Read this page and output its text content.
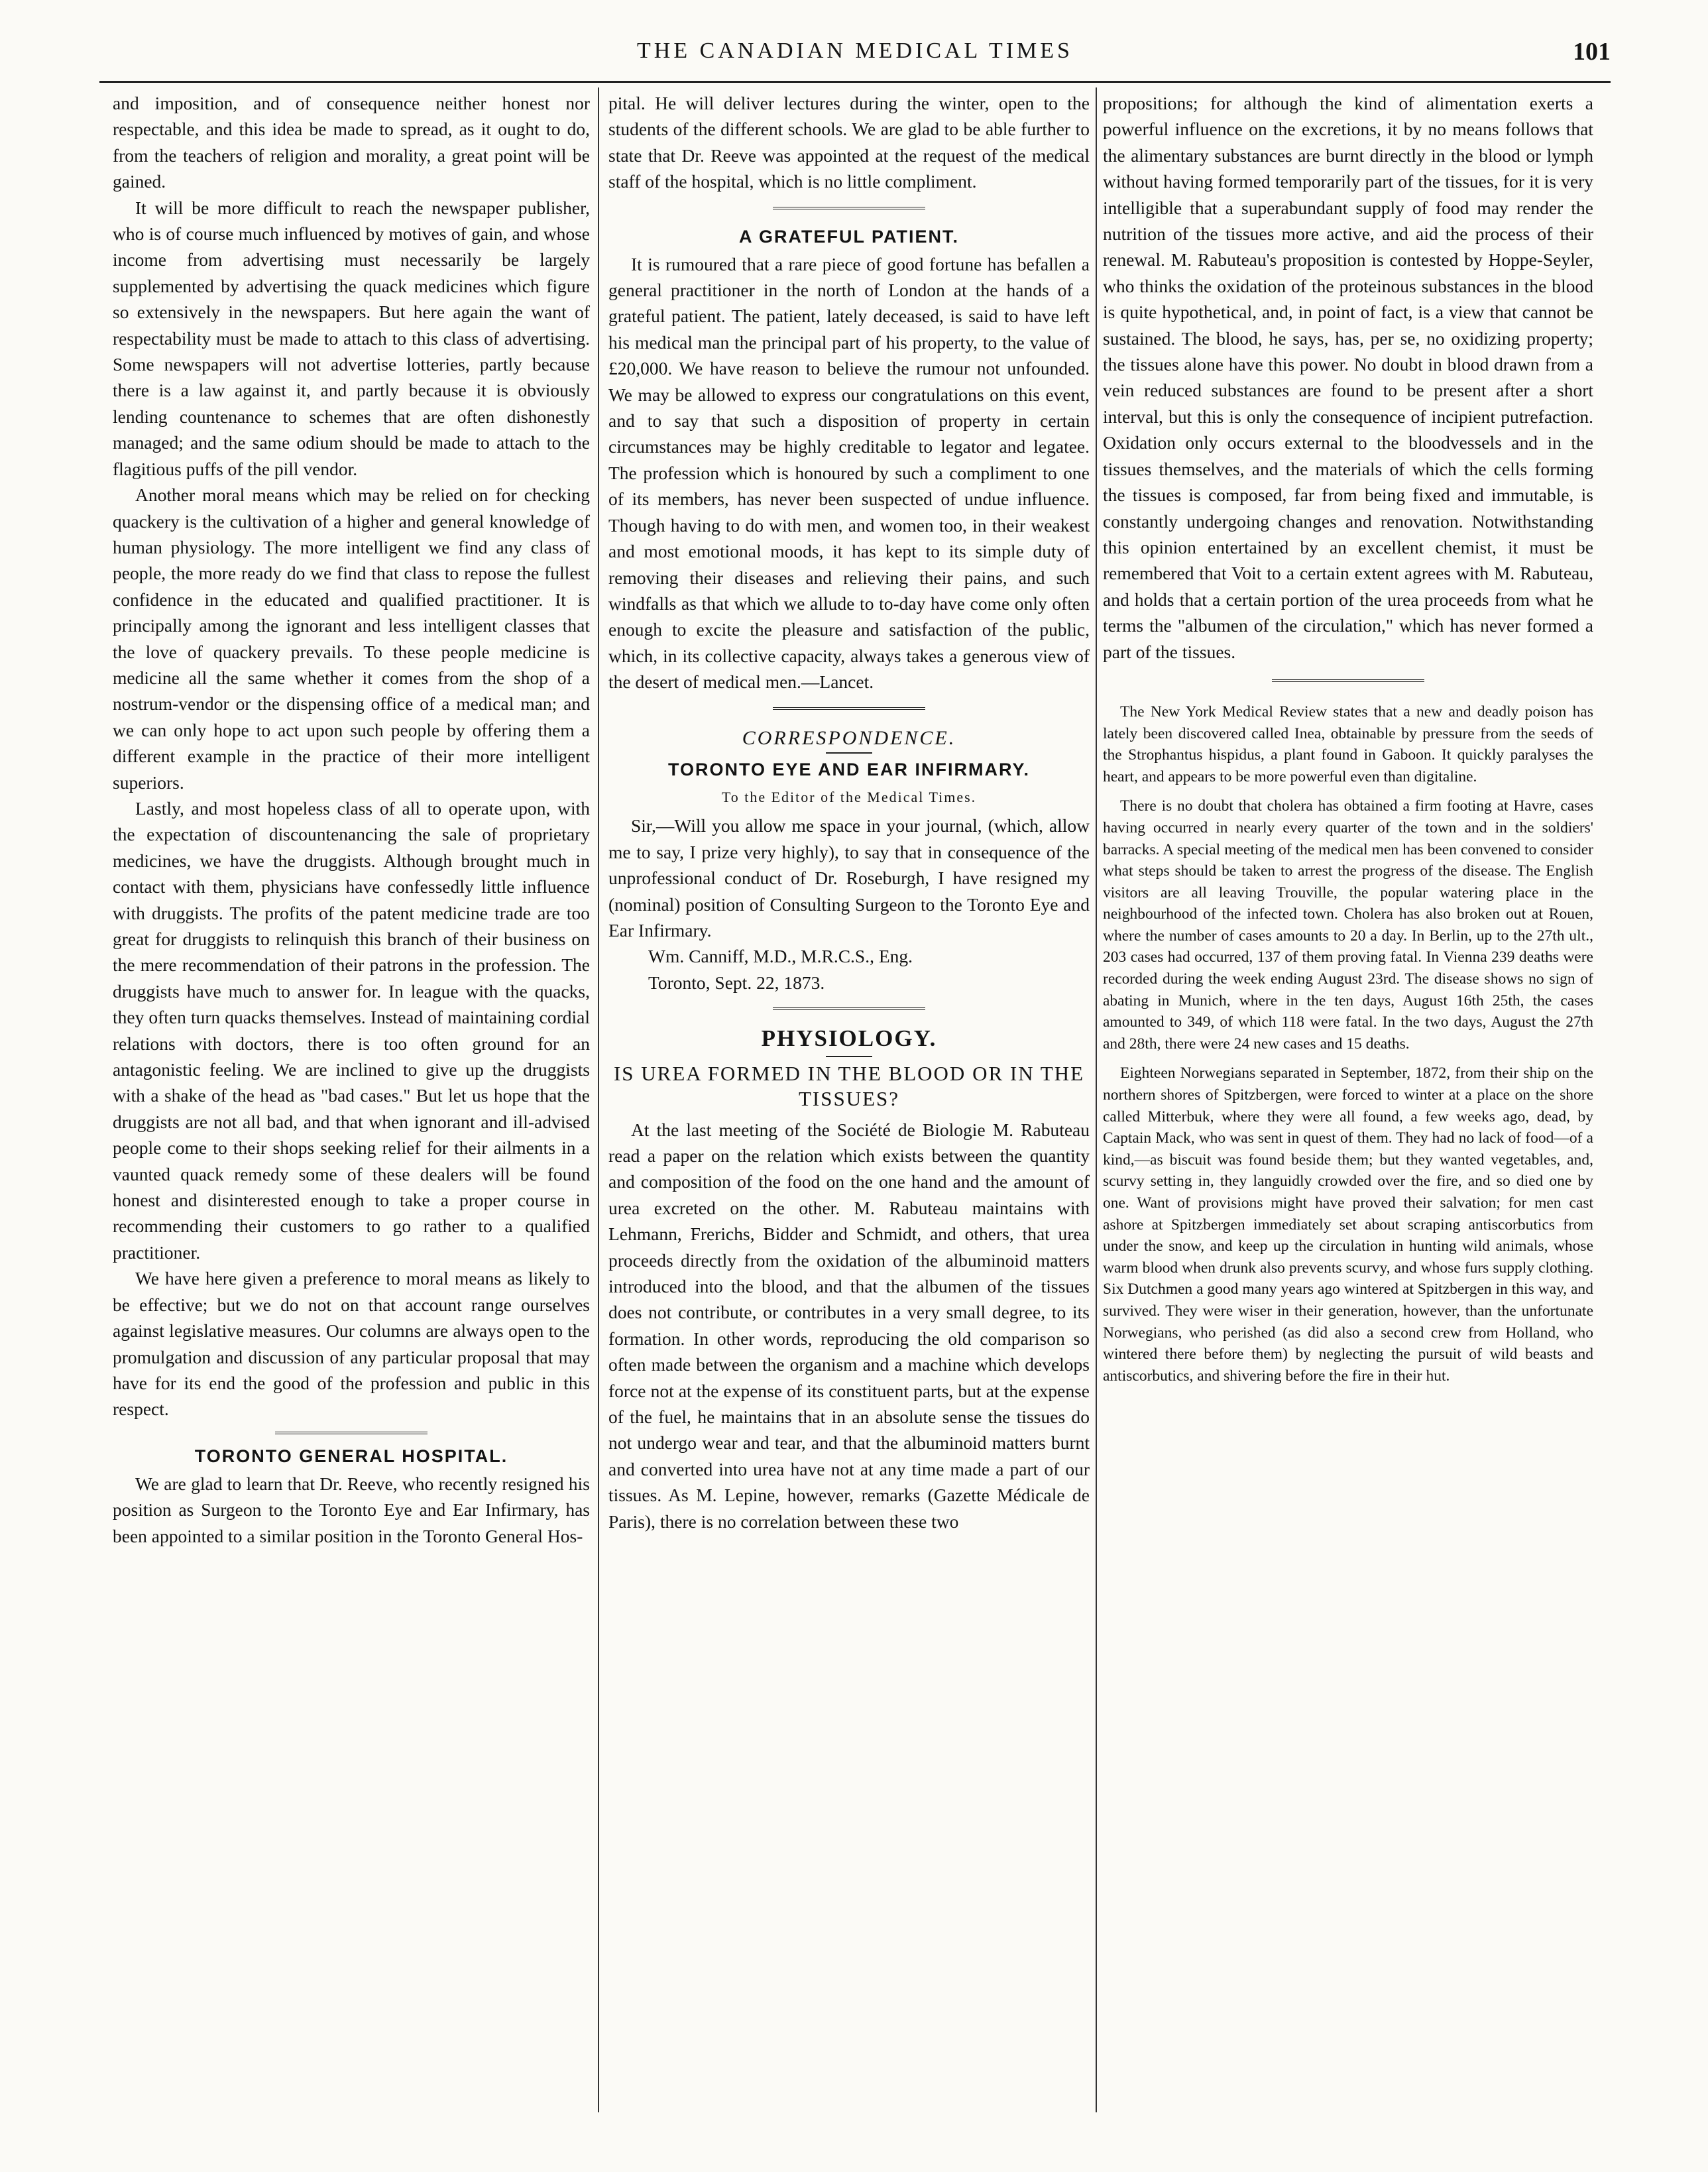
THE CANADIAN MEDICAL TIMES	101

and imposition, and of consequence neither honest nor respectable, and this idea be made to spread, as it ought to do, from the teachers of religion and morality, a great point will be gained.

It will be more difficult to reach the newspaper publisher, who is of course much influenced by motives of gain, and whose income from advertising must necessarily be largely supplemented by advertising the quack medicines which figure so extensively in the newspapers. But here again the want of respectability must be made to attach to this class of advertising. Some newspapers will not advertise lotteries, partly because there is a law against it, and partly because it is obviously lending countenance to schemes that are often dishonestly managed; and the same odium should be made to attach to the flagitious puffs of the pill vendor.

Another moral means which may be relied on for checking quackery is the cultivation of a higher and general knowledge of human physiology. The more intelligent we find any class of people, the more ready do we find that class to repose the fullest confidence in the educated and qualified practitioner. It is principally among the ignorant and less intelligent classes that the love of quackery prevails. To these people medicine is medicine all the same whether it comes from the shop of a nostrum-vendor or the dispensing office of a medical man; and we can only hope to act upon such people by offering them a different example in the practice of their more intelligent superiors.

Lastly, and most hopeless class of all to operate upon, with the expectation of discountenancing the sale of proprietary medicines, we have the druggists. Although brought much in contact with them, physicians have confessedly little influence with druggists. The profits of the patent medicine trade are too great for druggists to relinquish this branch of their business on the mere recommendation of their patrons in the profession. The druggists have much to answer for. In league with the quacks, they often turn quacks themselves. Instead of maintaining cordial relations with doctors, there is too often ground for an antagonistic feeling. We are inclined to give up the druggists with a shake of the head as "bad cases." But let us hope that the druggists are not all bad, and that when ignorant and ill-advised people come to their shops seeking relief for their ailments in a vaunted quack remedy some of these dealers will be found honest and disinterested enough to take a proper course in recommending their customers to go rather to a qualified practitioner.

We have here given a preference to moral means as likely to be effective; but we do not on that account range ourselves against legislative measures. Our columns are always open to the promulgation and discussion of any particular proposal that may have for its end the good of the profession and public in this respect.

TORONTO GENERAL HOSPITAL.

We are glad to learn that Dr. Reeve, who recently resigned his position as Surgeon to the Toronto Eye and Ear Infirmary, has been appointed to a similar position in the Toronto General Hos-

pital. He will deliver lectures during the winter, open to the students of the different schools. We are glad to be able further to state that Dr. Reeve was appointed at the request of the medical staff of the hospital, which is no little compliment.

A GRATEFUL PATIENT.

It is rumoured that a rare piece of good fortune has befallen a general practitioner in the north of London at the hands of a grateful patient. The patient, lately deceased, is said to have left his medical man the principal part of his property, to the value of £20,000. We have reason to believe the rumour not unfounded. We may be allowed to express our congratulations on this event, and to say that such a disposition of property in certain circumstances may be highly creditable to legator and legatee. The profession which is honoured by such a compliment to one of its members, has never been suspected of undue influence. Though having to do with men, and women too, in their weakest and most emotional moods, it has kept to its simple duty of removing their diseases and relieving their pains, and such windfalls as that which we allude to to-day have come only often enough to excite the pleasure and satisfaction of the public, which, in its collective capacity, always takes a generous view of the desert of medical men.—Lancet.

CORRESPONDENCE.
TORONTO EYE AND EAR INFIRMARY.
To the Editor of the Medical Times.

Sir,—Will you allow me space in your journal, (which, allow me to say, I prize very highly), to say that in consequence of the unprofessional conduct of Dr. Roseburgh, I have resigned my (nominal) position of Consulting Surgeon to the Toronto Eye and Ear Infirmary.

Wm. Canniff, M.D., M.R.C.S., Eng.

Toronto, Sept. 22, 1873.

PHYSIOLOGY.
IS UREA FORMED IN THE BLOOD OR IN THE TISSUES?

At the last meeting of the Société de Biologie M. Rabuteau read a paper on the relation which exists between the quantity and composition of the food on the one hand and the amount of urea excreted on the other. M. Rabuteau maintains with Lehmann, Frerichs, Bidder and Schmidt, and others, that urea proceeds directly from the oxidation of the albuminoid matters introduced into the blood, and that the albumen of the tissues does not contribute, or contributes in a very small degree, to its formation. In other words, reproducing the old comparison so often made between the organism and a machine which develops force not at the expense of its constituent parts, but at the expense of the fuel, he maintains that in an absolute sense the tissues do not undergo wear and tear, and that the albuminoid matters burnt and converted into urea have not at any time made a part of our tissues. As M. Lepine, however, remarks (Gazette Médicale de Paris), there is no correlation between these two

propositions; for although the kind of alimentation exerts a powerful influence on the excretions, it by no means follows that the alimentary substances are burnt directly in the blood or lymph without having formed temporarily part of the tissues, for it is very intelligible that a superabundant supply of food may render the nutrition of the tissues more active, and aid the process of their renewal. M. Rabuteau's proposition is contested by Hoppe-Seyler, who thinks the oxidation of the proteinous substances in the blood is quite hypothetical, and, in point of fact, is a view that cannot be sustained. The blood, he says, has, per se, no oxidizing property; the tissues alone have this power. No doubt in blood drawn from a vein reduced substances are found to be present after a short interval, but this is only the consequence of incipient putrefaction. Oxidation only occurs external to the bloodvessels and in the tissues themselves, and the materials of which the cells forming the tissues is composed, far from being fixed and immutable, is constantly undergoing changes and renovation. Notwithstanding this opinion entertained by an excellent chemist, it must be remembered that Voit to a certain extent agrees with M. Rabuteau, and holds that a certain portion of the urea proceeds from what he terms the "albumen of the circulation," which has never formed a part of the tissues.

The New York Medical Review states that a new and deadly poison has lately been discovered called Inea, obtainable by pressure from the seeds of the Strophantus hispidus, a plant found in Gaboon. It quickly paralyses the heart, and appears to be more powerful even than digitaline.

There is no doubt that cholera has obtained a firm footing at Havre, cases having occurred in nearly every quarter of the town and in the soldiers' barracks. A special meeting of the medical men has been convened to consider what steps should be taken to arrest the progress of the disease. The English visitors are all leaving Trouville, the popular watering place in the neighbourhood of the infected town. Cholera has also broken out at Rouen, where the number of cases amounts to 20 a day. In Berlin, up to the 27th ult., 203 cases had occurred, 137 of them proving fatal. In Vienna 239 deaths were recorded during the week ending August 23rd. The disease shows no sign of abating in Munich, where in the ten days, August 16th 25th, the cases amounted to 349, of which 118 were fatal. In the two days, August the 27th and 28th, there were 24 new cases and 15 deaths.

Eighteen Norwegians separated in September, 1872, from their ship on the northern shores of Spitzbergen, were forced to winter at a place on the shore called Mitterbuk, where they were all found, a few weeks ago, dead, by Captain Mack, who was sent in quest of them. They had no lack of food—of a kind,—as biscuit was found beside them; but they wanted vegetables, and, scurvy setting in, they languidly crowded over the fire, and so died one by one. Want of provisions might have proved their salvation; for men cast ashore at Spitzbergen immediately set about scraping antiscorbutics from under the snow, and keep up the circulation in hunting wild animals, whose warm blood when drunk also prevents scurvy, and whose furs supply clothing. Six Dutchmen a good many years ago wintered at Spitzbergen in this way, and survived. They were wiser in their generation, however, than the unfortunate Norwegians, who perished (as did also a second crew from Holland, who wintered there before them) by neglecting the pursuit of wild beasts and antiscorbutics, and shivering before the fire in their hut.
